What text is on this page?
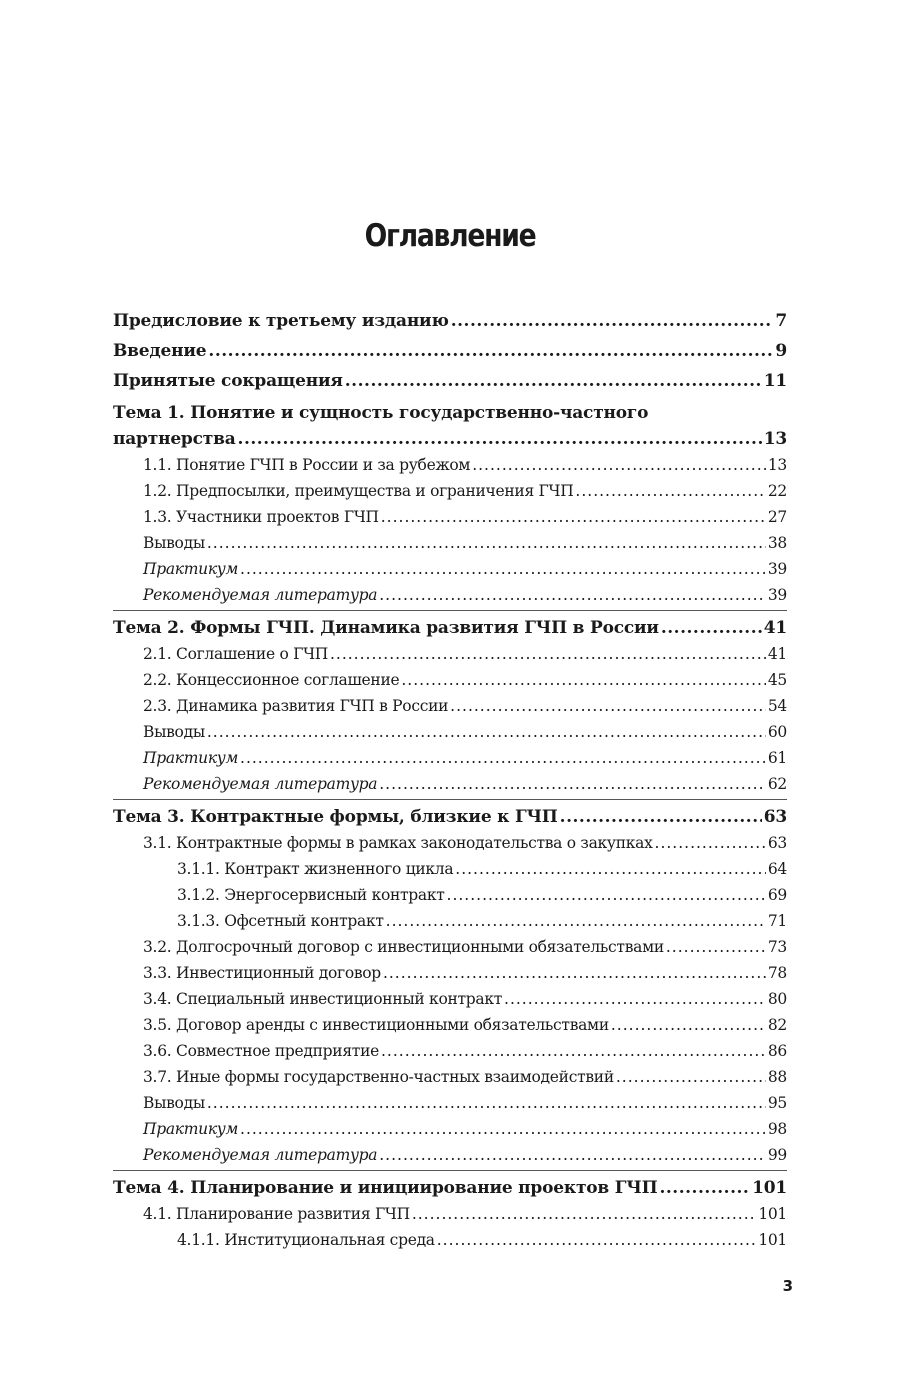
Оглавление
Предисловие к третьему изданию .....	7
Введение .....	9
Принятые сокращения .....	11
Тема 1. Понятие и сущность государственно-частного
партнерства .....	13
1.1. Понятие ГЧП в России и за рубежом .....	13
1.2. Предпосылки, преимущества и ограничения ГЧП .....	22
1.3. Участники проектов ГЧП .....	27
Выводы .....	38
Практикум .....	39
Рекомендуемая литература .....	39
Тема 2. Формы ГЧП. Динамика развития ГЧП в России .....	41
2.1. Соглашение о ГЧП .....	41
2.2. Концессионное соглашение .....	45
2.3. Динамика развития ГЧП в России .....	54
Выводы .....	60
Практикум .....	61
Рекомендуемая литература .....	62
Тема 3. Контрактные формы, близкие к ГЧП .....	63
3.1. Контрактные формы в рамках законодательства о закупках .....	63
3.1.1. Контракт жизненного цикла .....	64
3.1.2. Энергосервисный контракт .....	69
3.1.3. Офсетный контракт .....	71
3.2. Долгосрочный договор с инвестиционными обязательствами .....	73
3.3. Инвестиционный договор .....	78
3.4. Специальный инвестиционный контракт .....	80
3.5. Договор аренды с инвестиционными обязательствами .....	82
3.6. Совместное предприятие .....	86
3.7. Иные формы государственно-частных взаимодействий .....	88
Выводы .....	95
Практикум .....	98
Рекомендуемая литература .....	99
Тема 4. Планирование и инициирование проектов ГЧП .....	101
4.1. Планирование развития ГЧП .....	101
4.1.1. Институциональная среда .....	101
3
